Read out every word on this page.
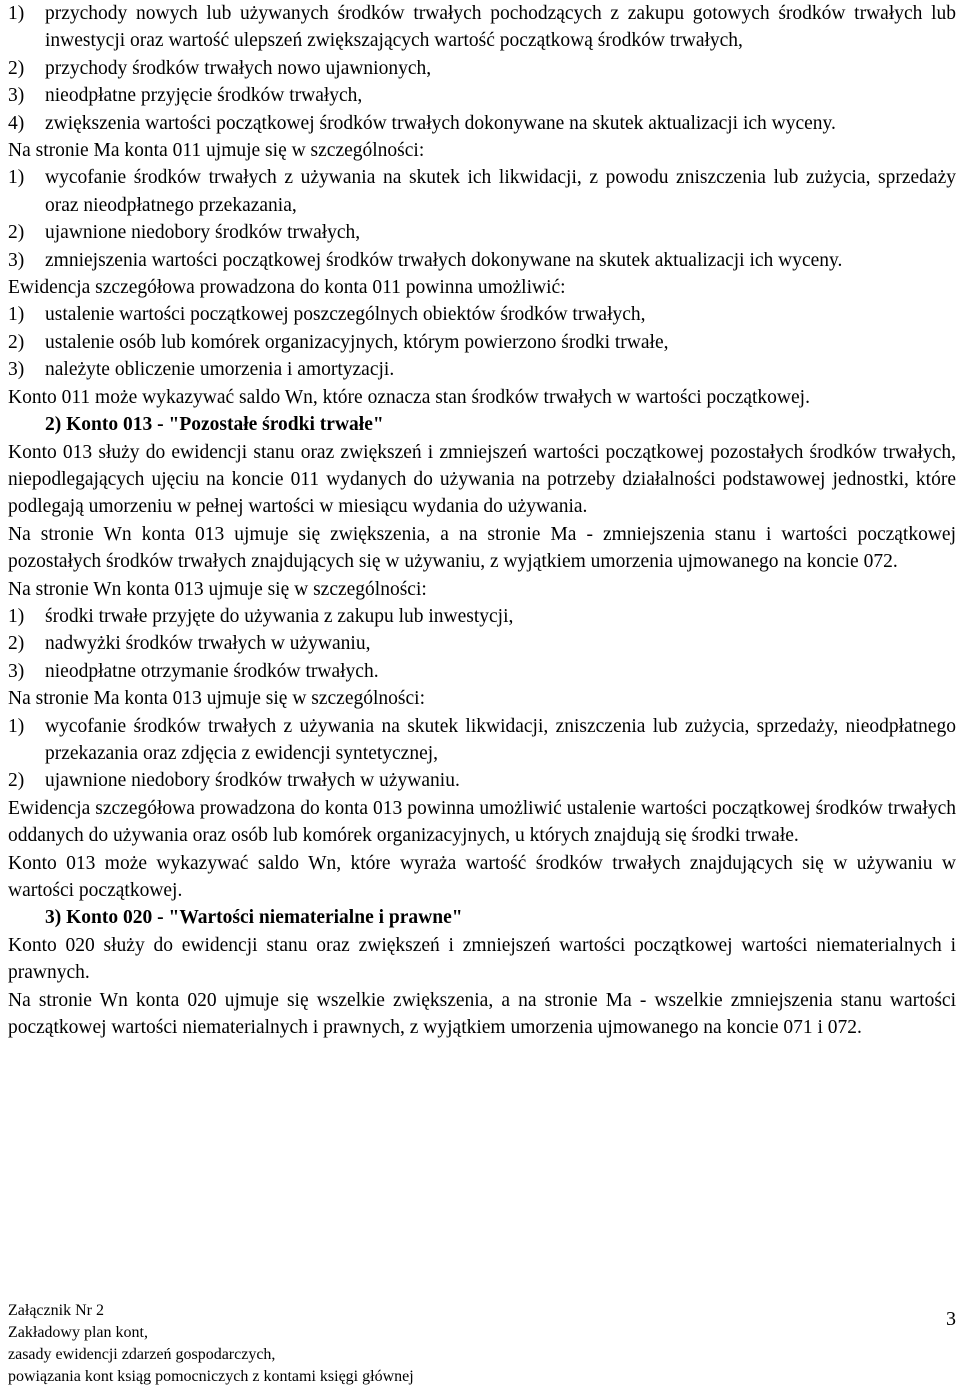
1)	przychody nowych lub używanych środków trwałych pochodzących z zakupu gotowych środków trwałych lub inwestycji oraz wartość ulepszeń zwiększających wartość początkową środków trwałych,
2)	przychody środków trwałych nowo ujawnionych,
3)	nieodpłatne przyjęcie środków trwałych,
4)	zwiększenia wartości początkowej środków trwałych dokonywane na skutek aktualizacji ich wyceny.

Na stronie Ma konta 011 ujmuje się w szczególności:

1)	wycofanie środków trwałych z używania na skutek ich likwidacji, z powodu zniszczenia lub zużycia, sprzedaży oraz nieodpłatnego przekazania,
2)	ujawnione niedobory środków trwałych,
3)	zmniejszenia wartości początkowej środków trwałych dokonywane na skutek aktualizacji ich wyceny.

Ewidencja szczegółowa prowadzona do konta 011 powinna umożliwić:

1)	ustalenie wartości początkowej poszczególnych obiektów środków trwałych,
2)	ustalenie osób lub komórek organizacyjnych, którym powierzono środki trwałe,
3)	należyte obliczenie umorzenia i amortyzacji.

Konto 011 może wykazywać saldo Wn, które oznacza stan środków trwałych w wartości początkowej.

2) Konto 013 - "Pozostałe środki trwałe"

Konto 013 służy do ewidencji stanu oraz zwiększeń i zmniejszeń wartości początkowej pozostałych środków trwałych, niepodlegających ujęciu na koncie 011 wydanych do używania na potrzeby działalności podstawowej jednostki, które podlegają umorzeniu w pełnej wartości w miesiącu wydania do używania.

Na stronie Wn konta 013 ujmuje się zwiększenia, a na stronie Ma - zmniejszenia stanu i wartości początkowej pozostałych środków trwałych znajdujących się w używaniu, z wyjątkiem umorzenia ujmowanego na koncie 072.

Na stronie Wn konta 013 ujmuje się w szczególności:

1)	środki trwałe przyjęte do używania z zakupu lub inwestycji,
2)	nadwyżki środków trwałych w używaniu,
3)	nieodpłatne otrzymanie środków trwałych.

Na stronie Ma konta 013 ujmuje się w szczególności:

1)	wycofanie środków trwałych z używania na skutek likwidacji, zniszczenia lub zużycia, sprzedaży, nieodpłatnego przekazania oraz zdjęcia z ewidencji syntetycznej,
2)	ujawnione niedobory środków trwałych w używaniu.

Ewidencja szczegółowa prowadzona do konta 013 powinna umożliwić ustalenie wartości początkowej środków trwałych oddanych do używania oraz osób lub komórek organizacyjnych, u których znajdują się środki trwałe.

Konto 013 może wykazywać saldo Wn, które wyraża wartość środków trwałych znajdujących się w używaniu w wartości początkowej.

3) Konto 020 - "Wartości niematerialne i prawne"

Konto 020 służy do ewidencji stanu oraz zwiększeń i zmniejszeń wartości początkowej wartości niematerialnych i prawnych.

Na stronie Wn konta 020 ujmuje się wszelkie zwiększenia, a na stronie Ma - wszelkie zmniejszenia stanu wartości początkowej wartości niematerialnych i prawnych, z wyjątkiem umorzenia ujmowanego na koncie 071 i 072.

Załącznik Nr 2
Zakładowy plan kont,
zasady ewidencji zdarzeń gospodarczych,
powiązania kont ksiąg pomocniczych z kontami księgi głównej
3
